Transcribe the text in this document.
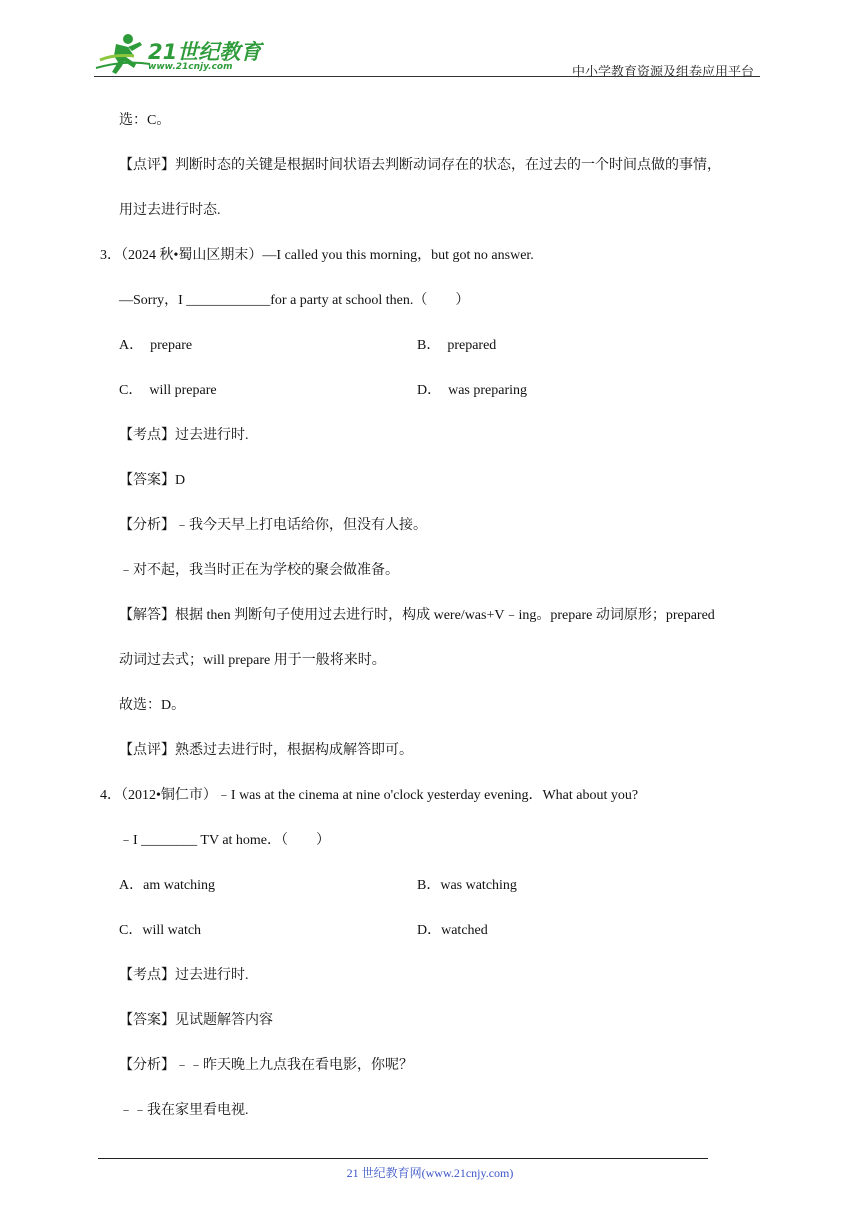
21世纪教育
www.21cnjy.com	中小学教育资源及组卷应用平台
选：C。
【点评】判断时态的关键是根据时间状语去判断动词存在的状态，在过去的一个时间点做的事情，
用过去进行时态.
3．（2024 秋•蜀山区期末）—I called you this morning，but got no answer.
—Sorry，I ____________for a party at school then.（　　）
A．  prepare	B．  prepared
C．  will prepare	D．  was preparing
【考点】过去进行时.
【答案】D
【分析】﹣我今天早上打电话给你，但没有人接。
﹣对不起，我当时正在为学校的聚会做准备。
【解答】根据 then 判断句子使用过去进行时，构成 were/was+V﹣ing。prepare 动词原形；prepared
动词过去式；will prepare 用于一般将来时。
故选：D。
【点评】熟悉过去进行时，根据构成解答即可。
4．（2012•铜仁市）﹣I was at the cinema at nine o'clock yesterday evening．What about you?
﹣I ________ TV at home．（　　）
A．am watching	B．was watching
C．will watch	D．watched
【考点】过去进行时.
【答案】见试题解答内容
【分析】﹣﹣昨天晚上九点我在看电影，你呢？
﹣﹣我在家里看电视.
21 世纪教育网(www.21cnjy.com)
